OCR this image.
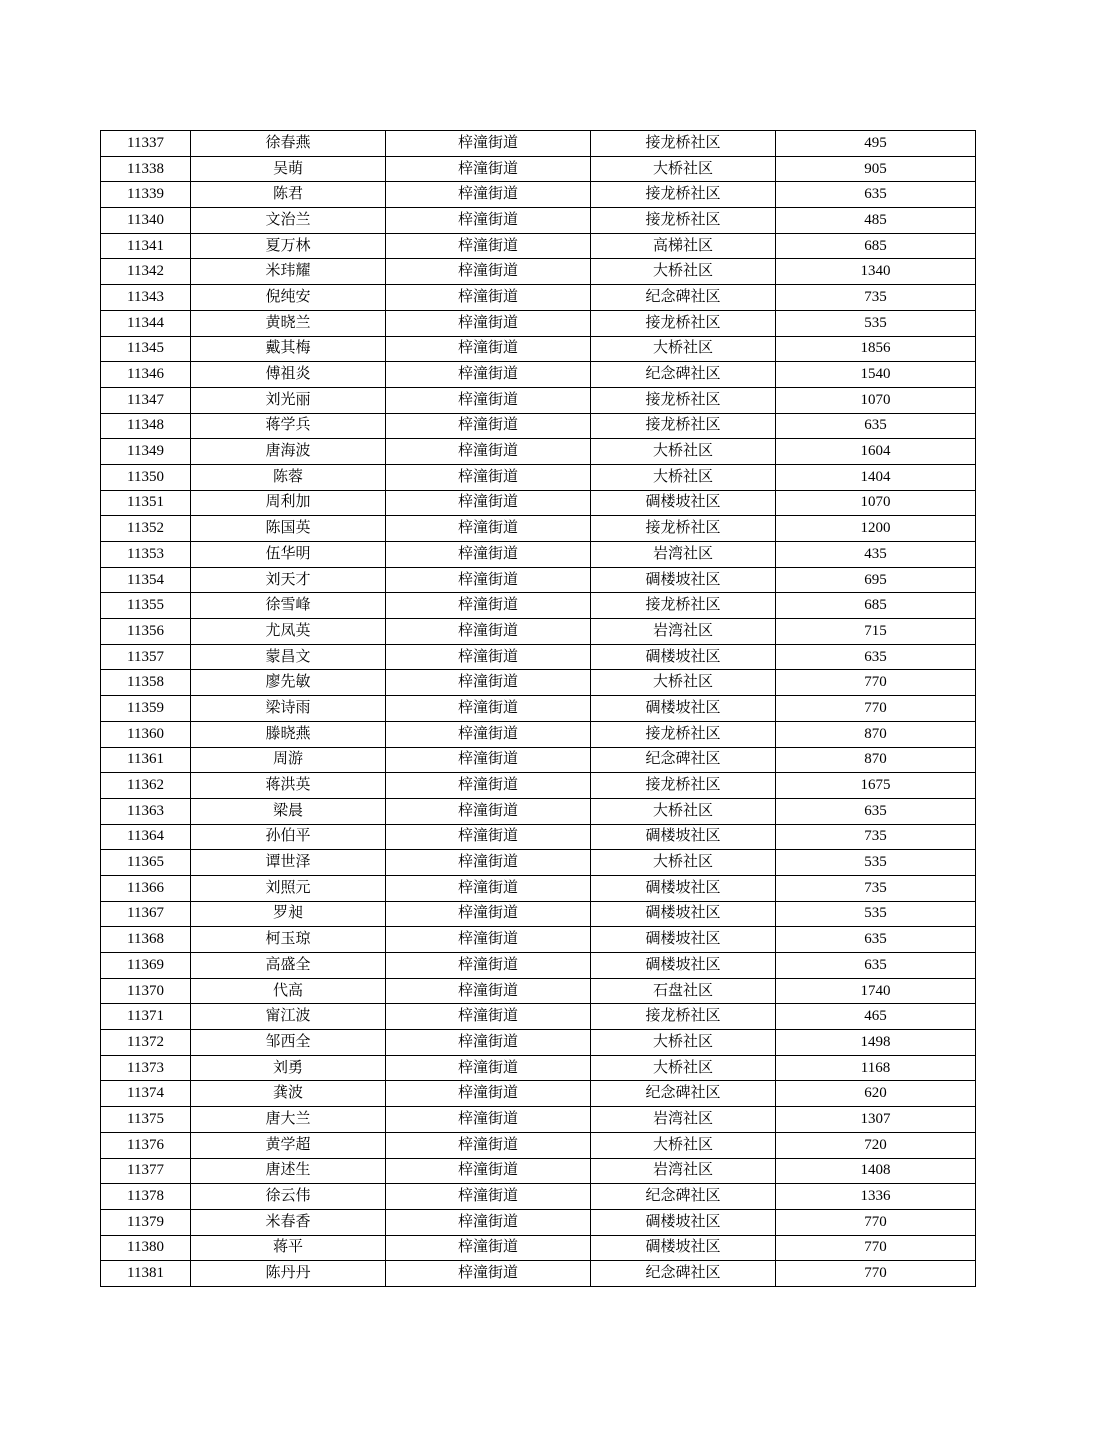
11337	徐春燕	梓潼街道	接龙桥社区	495
11338	吴萌	梓潼街道	大桥社区	905
11339	陈君	梓潼街道	接龙桥社区	635
11340	文治兰	梓潼街道	接龙桥社区	485
11341	夏万林	梓潼街道	高梯社区	685
11342	米玮耀	梓潼街道	大桥社区	1340
11343	倪纯安	梓潼街道	纪念碑社区	735
11344	黄晓兰	梓潼街道	接龙桥社区	535
11345	戴其梅	梓潼街道	大桥社区	1856
11346	傅祖炎	梓潼街道	纪念碑社区	1540
11347	刘光丽	梓潼街道	接龙桥社区	1070
11348	蒋学兵	梓潼街道	接龙桥社区	635
11349	唐海波	梓潼街道	大桥社区	1604
11350	陈蓉	梓潼街道	大桥社区	1404
11351	周利加	梓潼街道	碉楼坡社区	1070
11352	陈国英	梓潼街道	接龙桥社区	1200
11353	伍华明	梓潼街道	岩湾社区	435
11354	刘天才	梓潼街道	碉楼坡社区	695
11355	徐雪峰	梓潼街道	接龙桥社区	685
11356	尤凤英	梓潼街道	岩湾社区	715
11357	蒙昌文	梓潼街道	碉楼坡社区	635
11358	廖先敏	梓潼街道	大桥社区	770
11359	梁诗雨	梓潼街道	碉楼坡社区	770
11360	滕晓燕	梓潼街道	接龙桥社区	870
11361	周游	梓潼街道	纪念碑社区	870
11362	蒋洪英	梓潼街道	接龙桥社区	1675
11363	梁晨	梓潼街道	大桥社区	635
11364	孙伯平	梓潼街道	碉楼坡社区	735
11365	谭世泽	梓潼街道	大桥社区	535
11366	刘照元	梓潼街道	碉楼坡社区	735
11367	罗昶	梓潼街道	碉楼坡社区	535
11368	柯玉琼	梓潼街道	碉楼坡社区	635
11369	高盛全	梓潼街道	碉楼坡社区	635
11370	代高	梓潼街道	石盘社区	1740
11371	甯江波	梓潼街道	接龙桥社区	465
11372	邹西全	梓潼街道	大桥社区	1498
11373	刘勇	梓潼街道	大桥社区	1168
11374	龚波	梓潼街道	纪念碑社区	620
11375	唐大兰	梓潼街道	岩湾社区	1307
11376	黄学超	梓潼街道	大桥社区	720
11377	唐述生	梓潼街道	岩湾社区	1408
11378	徐云伟	梓潼街道	纪念碑社区	1336
11379	米春香	梓潼街道	碉楼坡社区	770
11380	蒋平	梓潼街道	碉楼坡社区	770
11381	陈丹丹	梓潼街道	纪念碑社区	770
